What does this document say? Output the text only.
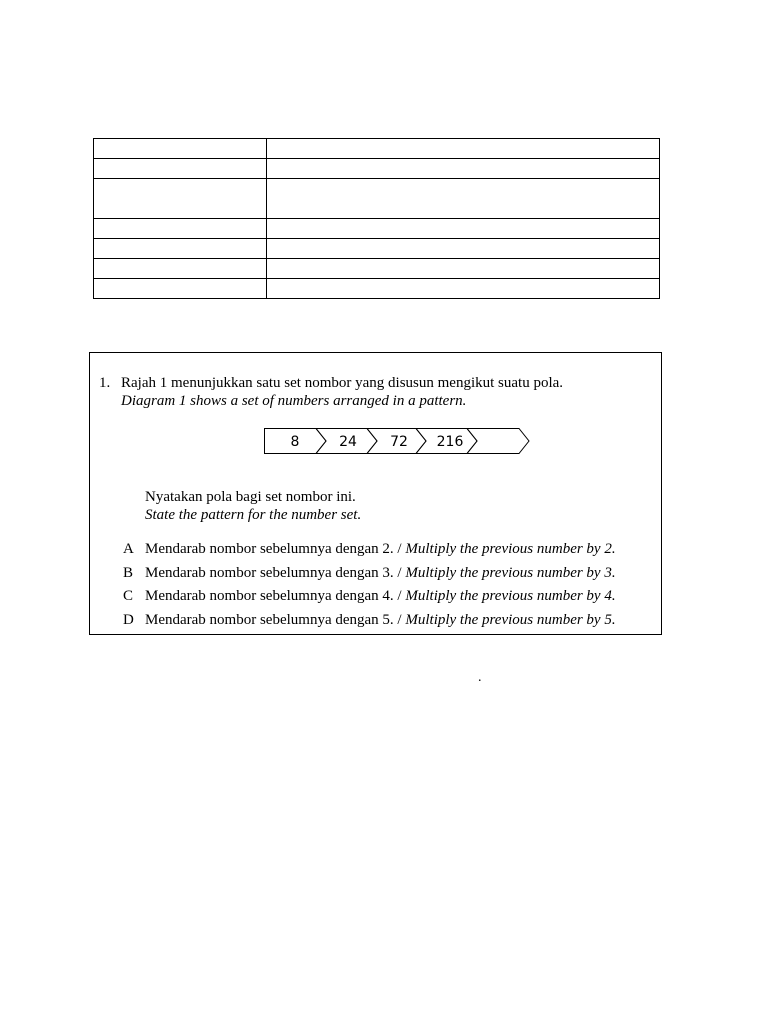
1. Rajah 1 menunjukkan satu set nombor yang disusun mengikut suatu pola.
Diagram 1 shows a set of numbers arranged in a pattern.
8	24 72 216
Nyatakan pola bagi set nombor ini.
State the pattern for the number set.
A Mendarab nombor sebelumnya dengan 2. / Multiply the previous number by 2.
B Mendarab nombor sebelumnya dengan 3. / Multiply the previous number by 3.
C Mendarab nombor sebelumnya dengan 4. / Multiply the previous number by 4.
D Mendarab nombor sebelumnya dengan 5. / Multiply the previous number by 5.
.
